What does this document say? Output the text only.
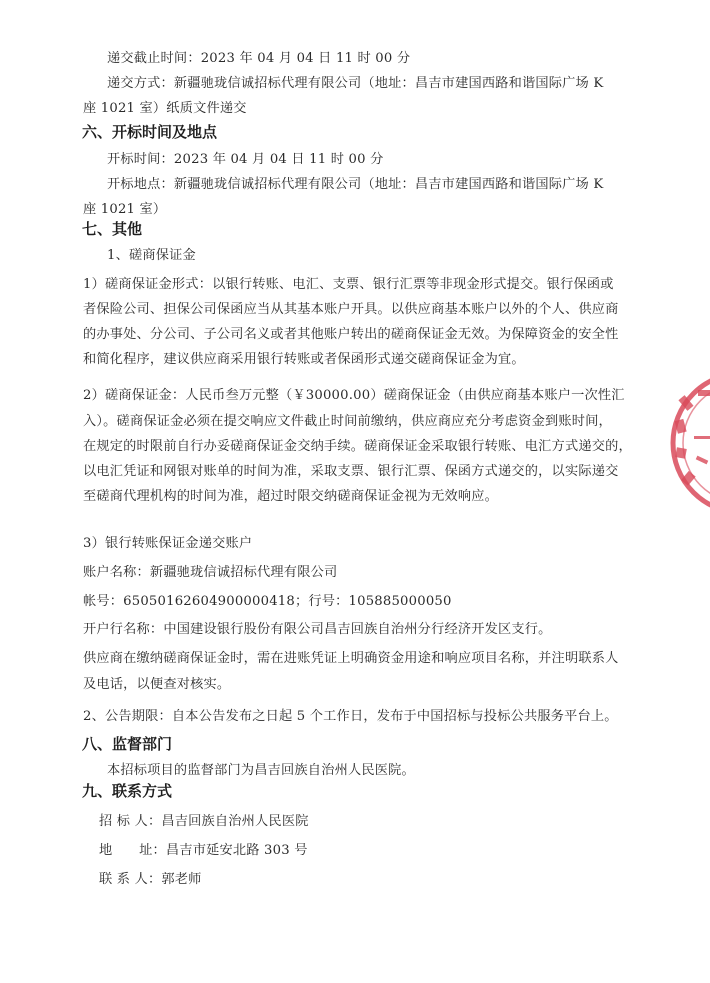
递交截止时间：2023 年 04 月 04 日 11 时 00 分
递交方式：新疆驰珑信诚招标代理有限公司（地址：昌吉市建国西路和谐国际广场 K
座 1021 室）纸质文件递交
六、开标时间及地点
开标时间：2023 年 04 月 04 日 11 时 00 分
开标地点：新疆驰珑信诚招标代理有限公司（地址：昌吉市建国西路和谐国际广场 K
座 1021 室）
七、其他
1、磋商保证金
1）磋商保证金形式：以银行转账、电汇、支票、银行汇票等非现金形式提交。银行保函或
者保险公司、担保公司保函应当从其基本账户开具。以供应商基本账户以外的个人、供应商
的办事处、分公司、子公司名义或者其他账户转出的磋商保证金无效。为保障资金的安全性
和简化程序，建议供应商采用银行转账或者保函形式递交磋商保证金为宜。
2）磋商保证金：人民币叁万元整（￥30000.00）磋商保证金（由供应商基本账户一次性汇
入）。磋商保证金必须在提交响应文件截止时间前缴纳，供应商应充分考虑资金到账时间，
在规定的时限前自行办妥磋商保证金交纳手续。磋商保证金采取银行转账、电汇方式递交的，
以电汇凭证和网银对账单的时间为准，采取支票、银行汇票、保函方式递交的，以实际递交
至磋商代理机构的时间为准，超过时限交纳磋商保证金视为无效响应。
3）银行转账保证金递交账户
账户名称：新疆驰珑信诚招标代理有限公司
帐号：65050162604900000418；行号：105885000050
开户行名称：中国建设银行股份有限公司昌吉回族自治州分行经济开发区支行。
供应商在缴纳磋商保证金时，需在进账凭证上明确资金用途和响应项目名称，并注明联系人
及电话，以便查对核实。
2、公告期限：自本公告发布之日起 5 个工作日，发布于中国招标与投标公共服务平台上。
八、监督部门
本招标项目的监督部门为昌吉回族自治州人民医院。
九、联系方式
招 标 人：昌吉回族自治州人民医院
地　　址：昌吉市延安北路 303 号
联 系 人：郭老师
